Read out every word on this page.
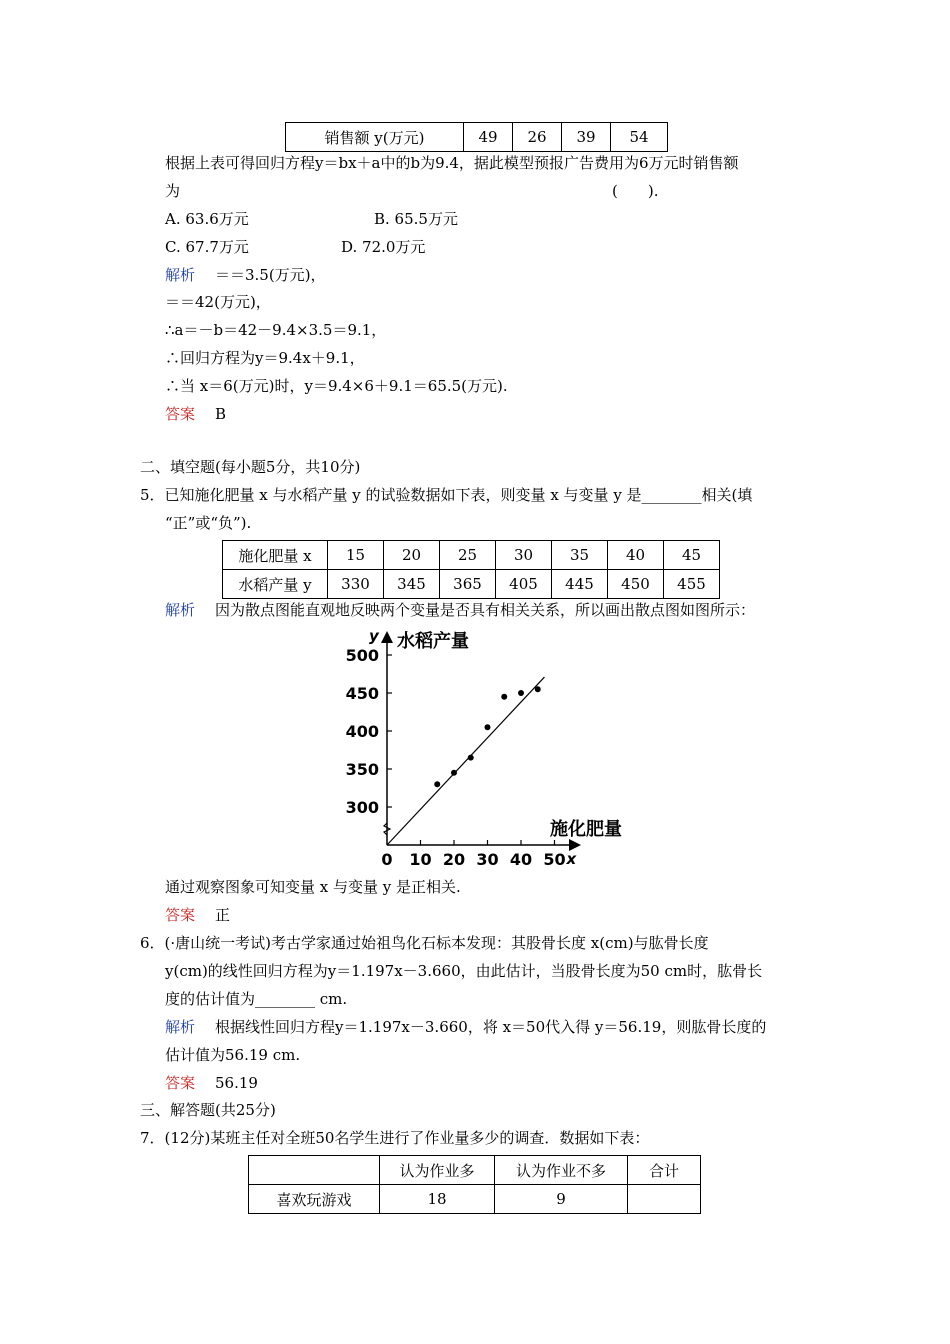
销售额 y(万元)	49	26	39	54
根据上表可得回归方程y＝bx＋a中的b为9.4，据此模型预报广告费用为6万元时销售额
为	(　　).
A. 63.6万元	B. 65.5万元
C. 67.7万元	D. 72.0万元
解析 ＝＝3.5(万元)，
＝＝42(万元)，
∴a＝－b＝42－9.4×3.5＝9.1，
∴回归方程为y＝9.4x＋9.1，
∴当 x＝6(万元)时，y＝9.4×6＋9.1＝65.5(万元).
答案 B
二、填空题(每小题5分，共10分)
5．已知施化肥量 x 与水稻产量 y 的试验数据如下表，则变量 x 与变量 y 是________相关(填
“正”或“负”).
施化肥量 x	15	20	25	30	35	40	45
水稻产量 y	330	345	365	405	445	450	455
解析 因为散点图能直观地反映两个变量是否具有相关关系，所以画出散点图如图所示：
300
350
400
450
500
0 10 20 30 40 50
y
x
水稻产量
施化肥量
通过观察图象可知变量 x 与变量 y 是正相关.
答案 正
6．(·唐山统一考试)考古学家通过始祖鸟化石标本发现：其股骨长度 x(cm)与肱骨长度
y(cm)的线性回归方程为y＝1.197x－3.660，由此估计，当股骨长度为50 cm时，肱骨长
度的估计值为________ cm.
解析 根据线性回归方程y＝1.197x－3.660，将 x＝50代入得 y＝56.19，则肱骨长度的
估计值为56.19 cm.
答案 56.19
三、解答题(共25分)
7．(12分)某班主任对全班50名学生进行了作业量多少的调查．数据如下表：
	认为作业多	认为作业不多	合计
喜欢玩游戏	18	9	
